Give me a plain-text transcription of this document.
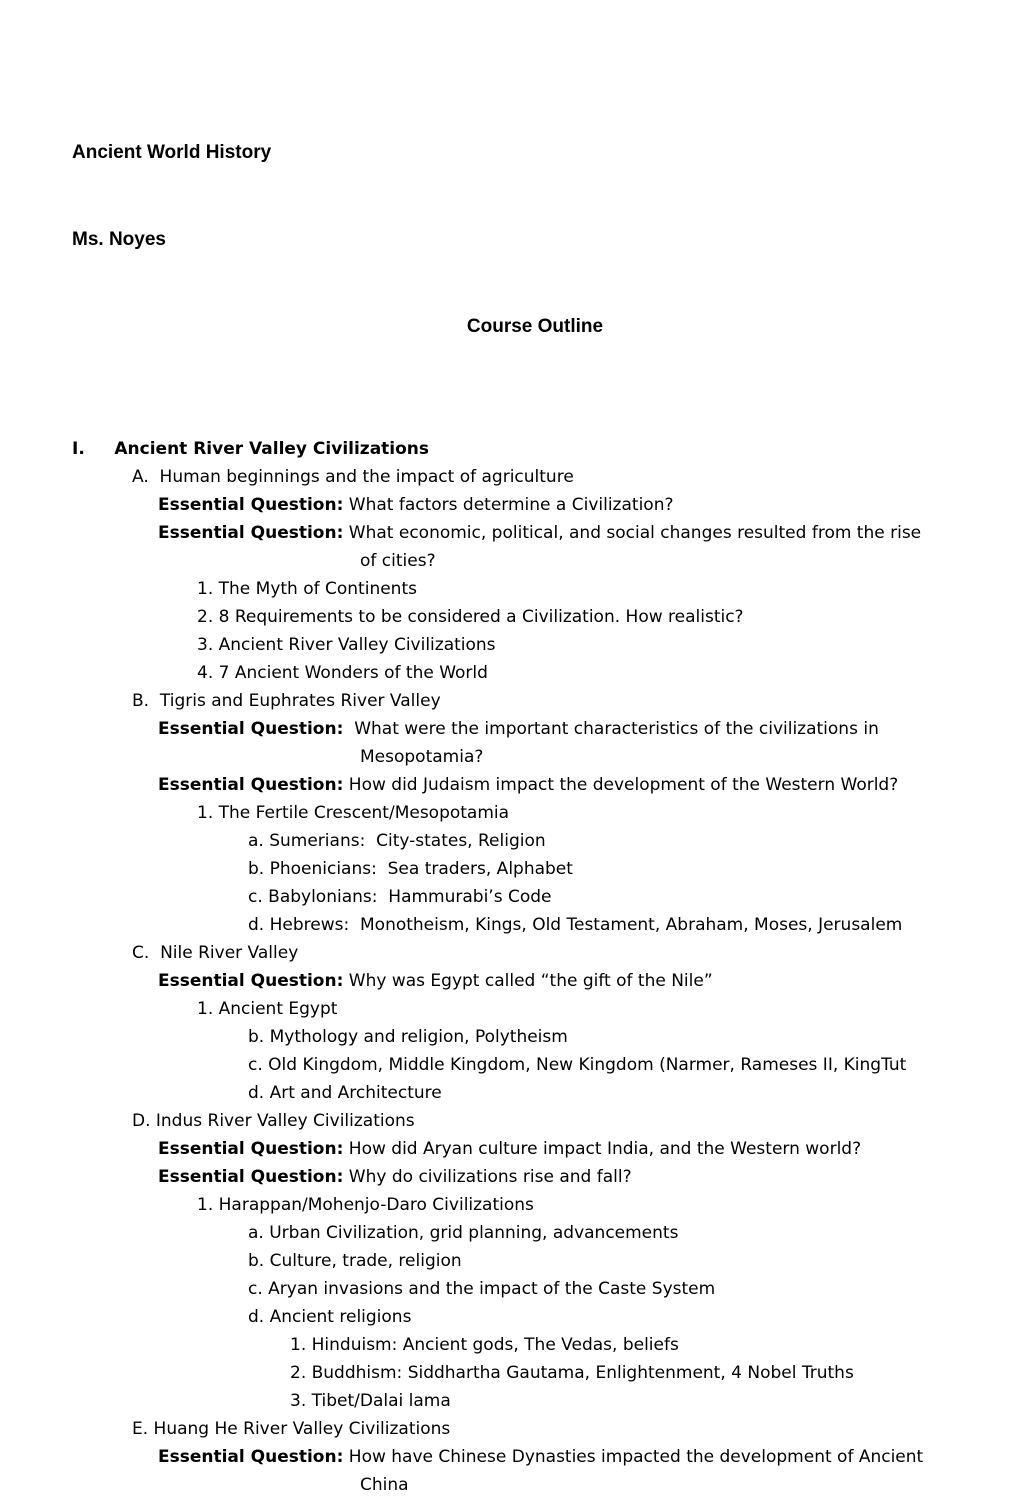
Ancient World History

Ms. Noyes

Course Outline

I.     Ancient River Valley Civilizations
A.  Human beginnings and the impact of agriculture
Essential Question: What factors determine a Civilization?
Essential Question: What economic, political, and social changes resulted from the rise
of cities?
1. The Myth of Continents
2. 8 Requirements to be considered a Civilization. How realistic?
3. Ancient River Valley Civilizations
4. 7 Ancient Wonders of the World
B.  Tigris and Euphrates River Valley
Essential Question:  What were the important characteristics of the civilizations in
Mesopotamia?
Essential Question: How did Judaism impact the development of the Western World?
1. The Fertile Crescent/Mesopotamia
a. Sumerians:  City-states, Religion
b. Phoenicians:  Sea traders, Alphabet
c. Babylonians:  Hammurabi’s Code
d. Hebrews:  Monotheism, Kings, Old Testament, Abraham, Moses, Jerusalem
C.  Nile River Valley
Essential Question: Why was Egypt called “the gift of the Nile”
1. Ancient Egypt
b. Mythology and religion, Polytheism
c. Old Kingdom, Middle Kingdom, New Kingdom (Narmer, Rameses II, KingTut
d. Art and Architecture
D. Indus River Valley Civilizations
Essential Question: How did Aryan culture impact India, and the Western world?
Essential Question: Why do civilizations rise and fall?
1. Harappan/Mohenjo-Daro Civilizations
a. Urban Civilization, grid planning, advancements
b. Culture, trade, religion
c. Aryan invasions and the impact of the Caste System
d. Ancient religions
1. Hinduism: Ancient gods, The Vedas, beliefs
2. Buddhism: Siddhartha Gautama, Enlightenment, 4 Nobel Truths
3. Tibet/Dalai lama
E. Huang He River Valley Civilizations
Essential Question: How have Chinese Dynasties impacted the development of Ancient
China
